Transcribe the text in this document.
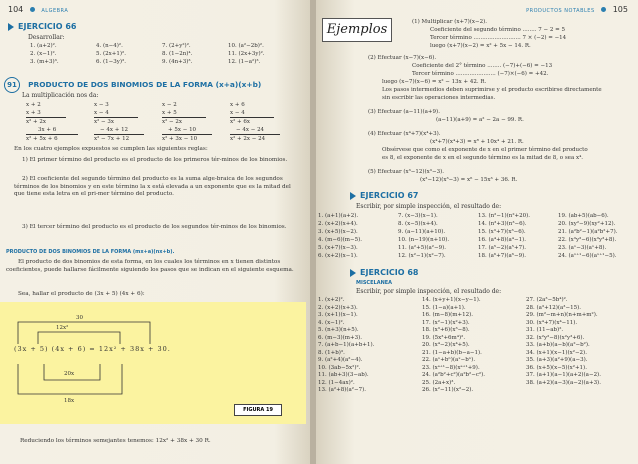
104	ALGEBRA
EJERCICIO 66
Desarrollar:
1. (a+2)².
2. (x−1)².
3. (m+3)³.
4. (n−4)².
5. (2x+1)².
6. (1−3y)³.
7. (2+y²)².
8. (1−2n)⁴.
9. (4n+3)³.
10. (a²−2b)².
11. (2x+3y)².
12. (1−a²)³.
91 PRODUCTO DE DOS BINOMIOS DE LA FORMA (x+a)(x+b)
La multiplicación nos da:
x + 2
x + 3
x² + 2x
3x + 6
x² + 5x + 6
x − 3
x − 4
x² − 3x
− 4x + 12
x² − 7x + 12
x − 2
x + 5
x² − 2x
+ 5x − 10
x² + 3x − 10
x + 6
x − 4
x² + 6x
− 4x − 24
x² + 2x − 24
En los cuatro ejemplos expuestos se cumplen las siguientes reglas:
1) El primer término del producto es el producto de los primeros tér-minos de los binomios.
2) El coeficiente del segundo término del producto es la suma alge-braica de los segundos términos de los binomios y en este término la x está elevada a un exponente que es la mitad del que tiene esta letra en el pri-mer término del producto.
3) El tercer término del producto es el producto de los segundos tér-minos de los binomios.
PRODUCTO DE DOS BINOMIOS DE LA FORMA (mx+a)(nx+b).
El producto de dos binomios de esta forma, en los cuales los términos en x tienen distintos coeficientes, puede hallarse fácilmente siguiendo los pasos que se indican en el siguiente esquema.
Sea, hallar el producto de (3x + 5) (4x + 6):
30
12x²
(3x + 5) (4x + 6) = 12x² + 38x + 30.
20x
18x
FIGURA 19
Reduciendo los términos semejantes tenemos: 12x² + 38x + 30 R.
PRODUCTOS NOTABLES 105
Ejemplos	(1) Multiplicar (x+7)(x−2).
Coeficiente del segundo término ........ 7 − 2 = 5
Tercer término ........................... 7 × (−2) = −14
luego (x+7)(x−2) = x² + 5x − 14. R.
(2) Efectuar (x−7)(x−6).
Coeficiente del 2° término ........ (−7)+(−6) = −13
Tercer término ....................... (−7)×(−6) = +42.
luego (x−7)(x−6) = x² − 13x + 42. R.
Los pasos intermedios deben suprimirse y el producto escribirse directamente
sin escribir las operaciones intermedias.
(3) Efectuar (a−11)(a+9).
(a−11)(a+9) = a² − 2a − 99. R.
(4) Efectuar (x⁴+7)(x⁴+3).
(x⁴+7)(x⁴+3) = x⁸ + 10x⁴ + 21. R.
Obsérvese que como el exponente de x en el primer término del producto
es 8, el exponente de x en el segundo término es la mitad de 8, o sea x⁴.
(5) Efectuar (x³−12)(x³−3).
(x³−12)(x³−3) = x⁶ − 15x³ + 36. R.
EJERCICIO 67
Escribir, por simple inspección, el resultado de:
1. (a+1)(a+2).
2. (x+2)(x+4).
3. (x+5)(x−2).
4. (m−6)(m−5).
5. (x+7)(x−3).
6. (x+2)(x−1).
7. (x−3)(x−1).
8. (x−5)(x+4).
9. (a−11)(a+10).
10. (n−19)(n+10).
11. (a²+5)(a²−9).
12. (x²−1)(x²−7).
13. (n²−1)(n²+20).
14. (n³+3)(n³−6).
15. (x³+7)(x³−6).
16. (a⁴+8)(a⁴−1).
17. (a⁵−2)(a⁵+7).
18. (a⁶+7)(a⁶−9).
19. (ab+5)(ab−6).
20. (xy²−9)(xy²+12).
21. (a²b²−1)(a²b²+7).
22. (x³y³−6)(x³y³+8).
23. (aˣ−3)(aˣ+8).
24. (aˣ⁺¹−6)(aˣ⁺¹−5).
EJERCICIO 68
MISCELANEA
Escribir, por simple inspección, el resultado de:
1. (x+2)².
2. (x+2)(x+3).
3. (x+1)(x−1).
4. (x−1)².
5. (n+3)(n+5).
6. (m−3)(m+3).
7. (a+b−1)(a+b+1).
8. (1+b)³.
9. (a²+4)(a²−4).
10. (3ab−5x²)².
11. (ab+3)(3−ab).
12. (1−4ax)².
13. (a²+8)(a²−7).
14. (x+y+1)(x−y−1).
15. (1−a)(a+1).
16. (m−8)(m+12).
17. (x²−1)(x²+3).
18. (x³+6)(x³−8).
19. (5x³+6m⁴)².
20. (x⁴−2)(x⁴+5).
21. (1−a+b)(b−a−1).
22. (aˣ+bⁿ)(aˣ−bⁿ).
23. (xᵃ⁺¹−8)(xᵃ⁺¹+9).
24. (a²b²+c²)(a²b²−c²).
25. (2a+x)³.
26. (x²−11)(x²−2).
27. (2a³−5b⁴)².
28. (a³+12)(a³−15).
29. (m²−m+n)(n+m+m²).
30. (x⁴+7)(x⁴−11).
31. (11−ab)².
32. (x²y³−8)(x²y³+6).
33. (a+b)(a−b)(a²−b²).
34. (x+1)(x−1)(x²−2).
35. (a+3)(a²+9)(a−3).
36. (x+5)(x−5)(x²+1).
37. (a+1)(a−1)(a+2)(a−2).
38. (a+2)(a−3)(a−2)(a+3).
